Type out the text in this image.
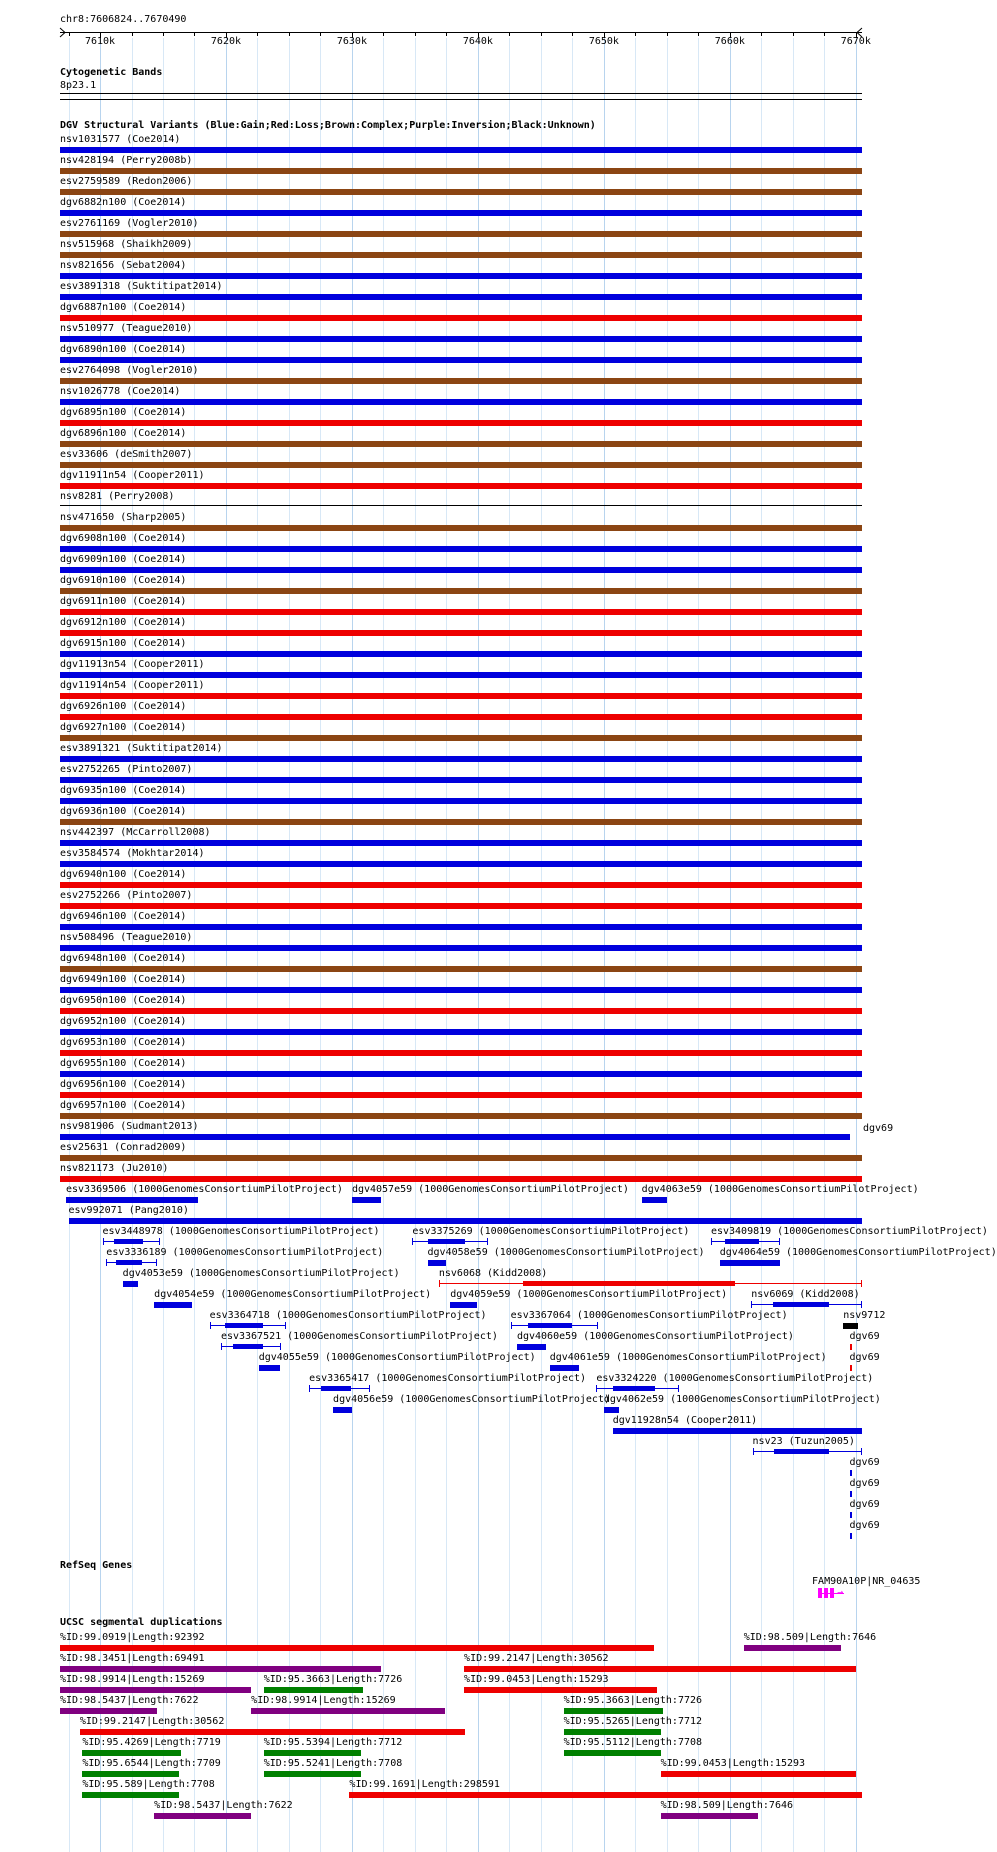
chr8:7606824..7670490
Cytogenetic Bands
8p23.1
DGV Structural Variants (Blue:Gain;Red:Loss;Brown:Complex;Purple:Inversion;Black:Unknown)
RefSeq Genes
UCSC segmental duplications
7610k	7620k	7630k	7640k	7650k	7660k	7670k
nsv1031577 (Coe2014)
nsv428194 (Perry2008b)
esv2759589 (Redon2006)
dgv6882n100 (Coe2014)
esv2761169 (Vogler2010)
nsv515968 (Shaikh2009)
nsv821656 (Sebat2004)
esv3891318 (Suktitipat2014)
dgv6887n100 (Coe2014)
nsv510977 (Teague2010)
dgv6890n100 (Coe2014)
esv2764098 (Vogler2010)
nsv1026778 (Coe2014)
dgv6895n100 (Coe2014)
dgv6896n100 (Coe2014)
esv33606 (deSmith2007)
dgv11911n54 (Cooper2011)
nsv8281 (Perry2008)
nsv471650 (Sharp2005)
dgv6908n100 (Coe2014)
dgv6909n100 (Coe2014)
dgv6910n100 (Coe2014)
dgv6911n100 (Coe2014)
dgv6912n100 (Coe2014)
dgv6915n100 (Coe2014)
dgv11913n54 (Cooper2011)
dgv11914n54 (Cooper2011)
dgv6926n100 (Coe2014)
dgv6927n100 (Coe2014)
esv3891321 (Suktitipat2014)
esv2752265 (Pinto2007)
dgv6935n100 (Coe2014)
dgv6936n100 (Coe2014)
nsv442397 (McCarroll2008)
esv3584574 (Mokhtar2014)
dgv6940n100 (Coe2014)
esv2752266 (Pinto2007)
dgv6946n100 (Coe2014)
nsv508496 (Teague2010)
dgv6948n100 (Coe2014)
dgv6949n100 (Coe2014)
dgv6950n100 (Coe2014)
dgv6952n100 (Coe2014)
dgv6953n100 (Coe2014)
dgv6955n100 (Coe2014)
dgv6956n100 (Coe2014)
dgv6957n100 (Coe2014)
nsv981906 (Sudmant2013)	dgv69
esv25631 (Conrad2009)
nsv821173 (Ju2010)
esv3369506 (1000GenomesConsortiumPilotProject) dgv4057e59 (1000GenomesConsortiumPilotProject) dgv4063e59 (1000GenomesConsortiumPilotProject)
esv992071 (Pang2010)
esv3448978 (1000GenomesConsortiumPilotProject)	esv3375269 (1000GenomesConsortiumPilotProject) esv3409819 (1000GenomesConsortiumPilotProject)
esv3336189 (1000GenomesConsortiumPilotProject)	dgv4058e59 (1000GenomesConsortiumPilotProject) dgv4064e59 (1000GenomesConsortiumPilotProject)
dgv4053e59 (1000GenomesConsortiumPilotProject)	nsv6068 (Kidd2008)
dgv4054e59 (1000GenomesConsortiumPilotProject) dgv4059e59 (1000GenomesConsortiumPilotProject) nsv6069 (Kidd2008)
esv3364718 (1000GenomesConsortiumPilotProject) esv3367064 (1000GenomesConsortiumPilotProject)	nsv9712
esv3367521 (1000GenomesConsortiumPilotProject) dgv4060e59 (1000GenomesConsortiumPilotProject)	dgv69
dgv4055e59 (1000GenomesConsortiumPilotProject) dgv4061e59 (1000GenomesConsortiumPilotProject) dgv69
esv3365417 (1000GenomesConsortiumPilotProject) esv3324220 (1000GenomesConsortiumPilotProject)
dgv4056e59 (1000GenomesConsortiumPilotProject)
dgv4062e59 (1000GenomesConsortiumPilotProject)
dgv11928n54 (Cooper2011)
nsv23 (Tuzun2005)
dgv69
dgv69
dgv69
dgv69
FAM90A10P|NR_04635
→
%ID:99.0919|Length:92392	%ID:98.509|Length:7646
%ID:98.3451|Length:69491	%ID:99.2147|Length:30562
%ID:98.9914|Length:15269	%ID:95.3663|Length:7726	%ID:99.0453|Length:15293
%ID:98.5437|Length:7622	%ID:98.9914|Length:15269	%ID:95.3663|Length:7726
%ID:99.2147|Length:30562	%ID:95.5265|Length:7712
%ID:95.4269|Length:7719	%ID:95.5394|Length:7712	%ID:95.5112|Length:7708
%ID:95.6544|Length:7709	%ID:95.5241|Length:7708	%ID:99.0453|Length:15293
%ID:95.589|Length:7708	%ID:99.1691|Length:298591
%ID:98.5437|Length:7622	%ID:98.509|Length:7646
